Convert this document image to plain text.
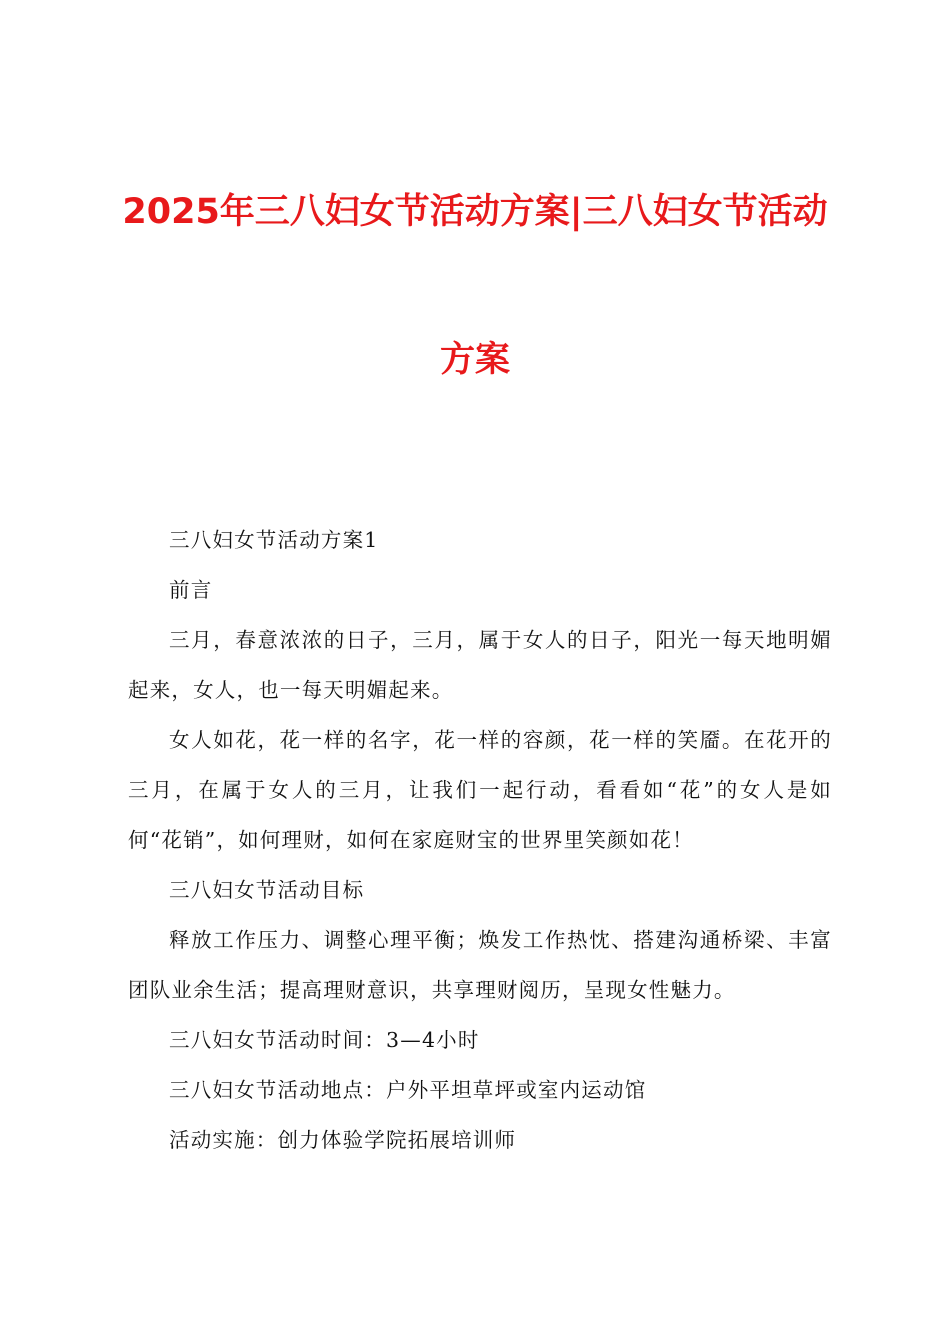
2025年三八妇女节活动方案|三八妇女节活动
方案

三八妇女节活动方案1

前言

三月，春意浓浓的日子，三月，属于女人的日子，阳光一每天地明媚起来，女人，也一每天明媚起来。

女人如花，花一样的名字，花一样的容颜，花一样的笑靥。在花开的三月，在属于女人的三月，让我们一起行动，看看如“花”的女人是如何“花销”，如何理财，如何在家庭财宝的世界里笑颜如花！

三八妇女节活动目标

释放工作压力、调整心理平衡；焕发工作热忱、搭建沟通桥梁、丰富团队业余生活；提高理财意识，共享理财阅历，呈现女性魅力。

三八妇女节活动时间：3—4小时

三八妇女节活动地点：户外平坦草坪或室内运动馆

活动实施：创力体验学院拓展培训师
